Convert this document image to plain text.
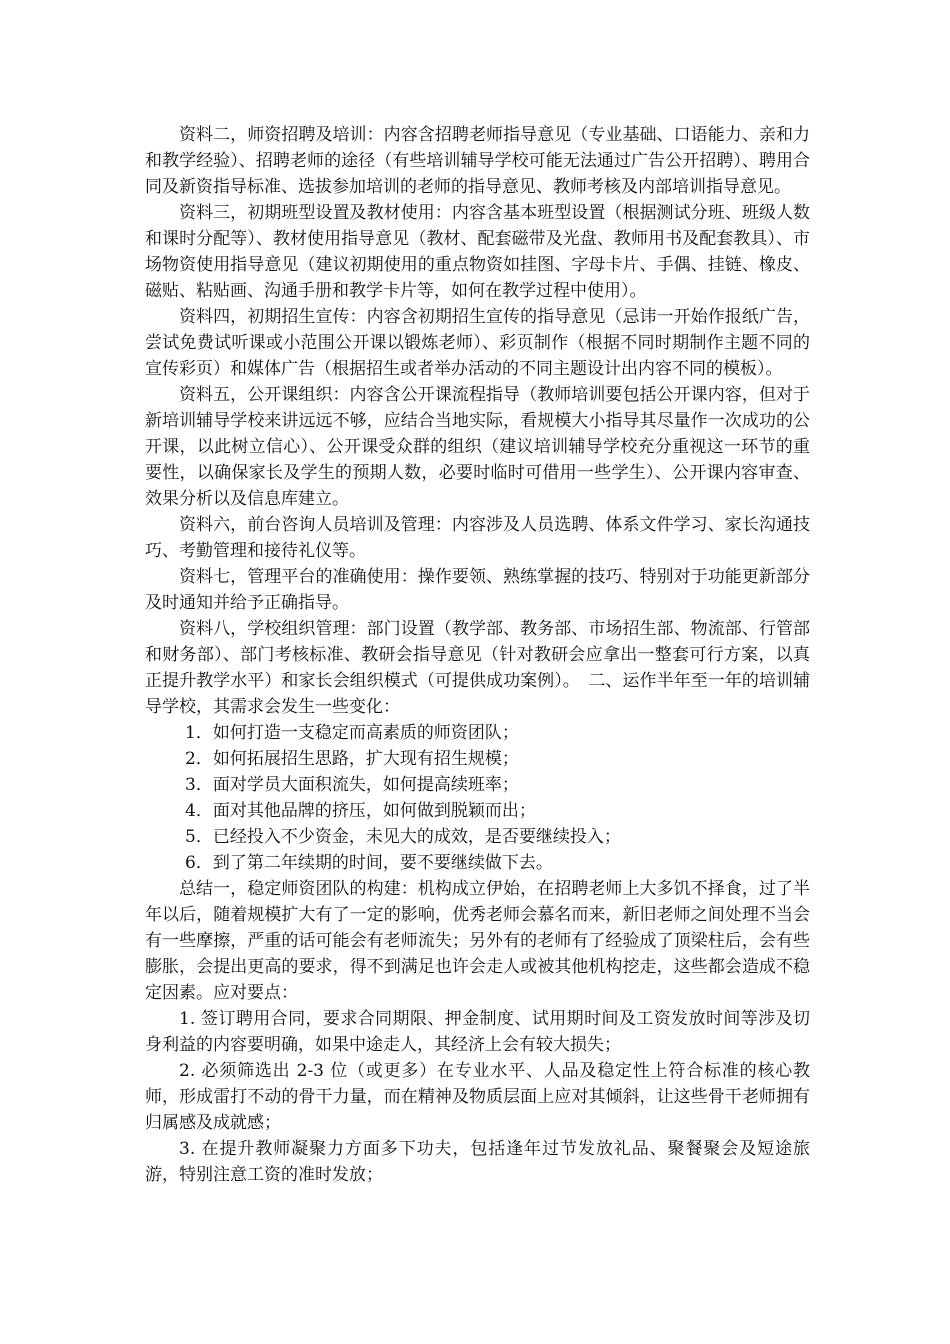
资料二，师资招聘及培训：内容含招聘老师指导意见（专业基础、口语能力、亲和力和教学经验）、招聘老师的途径（有些培训辅导学校可能无法通过广告公开招聘）、聘用合同及新资指导标准、选拔参加培训的老师的指导意见、教师考核及内部培训指导意见。

资料三，初期班型设置及教材使用：内容含基本班型设置（根据测试分班、班级人数和课时分配等）、教材使用指导意见（教材、配套磁带及光盘、教师用书及配套教具）、市场物资使用指导意见（建议初期使用的重点物资如挂图、字母卡片、手偶、挂链、橡皮、磁贴、粘贴画、沟通手册和教学卡片等，如何在教学过程中使用）。

资料四，初期招生宣传：内容含初期招生宣传的指导意见（忌讳一开始作报纸广告，尝试免费试听课或小范围公开课以锻炼老师）、彩页制作（根据不同时期制作主题不同的宣传彩页）和媒体广告（根据招生或者举办活动的不同主题设计出内容不同的模板）。

资料五，公开课组织：内容含公开课流程指导（教师培训要包括公开课内容，但对于新培训辅导学校来讲远远不够，应结合当地实际，看规模大小指导其尽量作一次成功的公开课，以此树立信心）、公开课受众群的组织（建议培训辅导学校充分重视这一环节的重要性，以确保家长及学生的预期人数，必要时临时可借用一些学生）、公开课内容审查、效果分析以及信息库建立。

资料六，前台咨询人员培训及管理：内容涉及人员选聘、体系文件学习、家长沟通技巧、考勤管理和接待礼仪等。

资料七，管理平台的准确使用：操作要领、熟练掌握的技巧、特别对于功能更新部分及时通知并给予正确指导。

资料八，学校组织管理：部门设置（教学部、教务部、市场招生部、物流部、行管部和财务部）、部门考核标准、教研会指导意见（针对教研会应拿出一整套可行方案，以真正提升教学水平）和家长会组织模式（可提供成功案例）。　二、运作半年至一年的培训辅导学校，其需求会发生一些变化：

1．如何打造一支稳定而高素质的师资团队；

2．如何拓展招生思路，扩大现有招生规模；

3．面对学员大面积流失，如何提高续班率；

4．面对其他品牌的挤压，如何做到脱颖而出；

5．已经投入不少资金，未见大的成效，是否要继续投入；

6．到了第二年续期的时间，要不要继续做下去。

总结一，稳定师资团队的构建：机构成立伊始，在招聘老师上大多饥不择食，过了半年以后，随着规模扩大有了一定的影响，优秀老师会慕名而来，新旧老师之间处理不当会有一些摩擦，严重的话可能会有老师流失；另外有的老师有了经验成了顶梁柱后，会有些膨胀，会提出更高的要求，得不到满足也许会走人或被其他机构挖走，这些都会造成不稳定因素。应对要点：

1. 签订聘用合同，要求合同期限、押金制度、试用期时间及工资发放时间等涉及切身利益的内容要明确，如果中途走人，其经济上会有较大损失；

2. 必须筛选出 2-3 位（或更多）在专业水平、人品及稳定性上符合标准的核心教师，形成雷打不动的骨干力量，而在精神及物质层面上应对其倾斜，让这些骨干老师拥有归属感及成就感；

3. 在提升教师凝聚力方面多下功夫，包括逢年过节发放礼品、聚餐聚会及短途旅游，特别注意工资的准时发放；
